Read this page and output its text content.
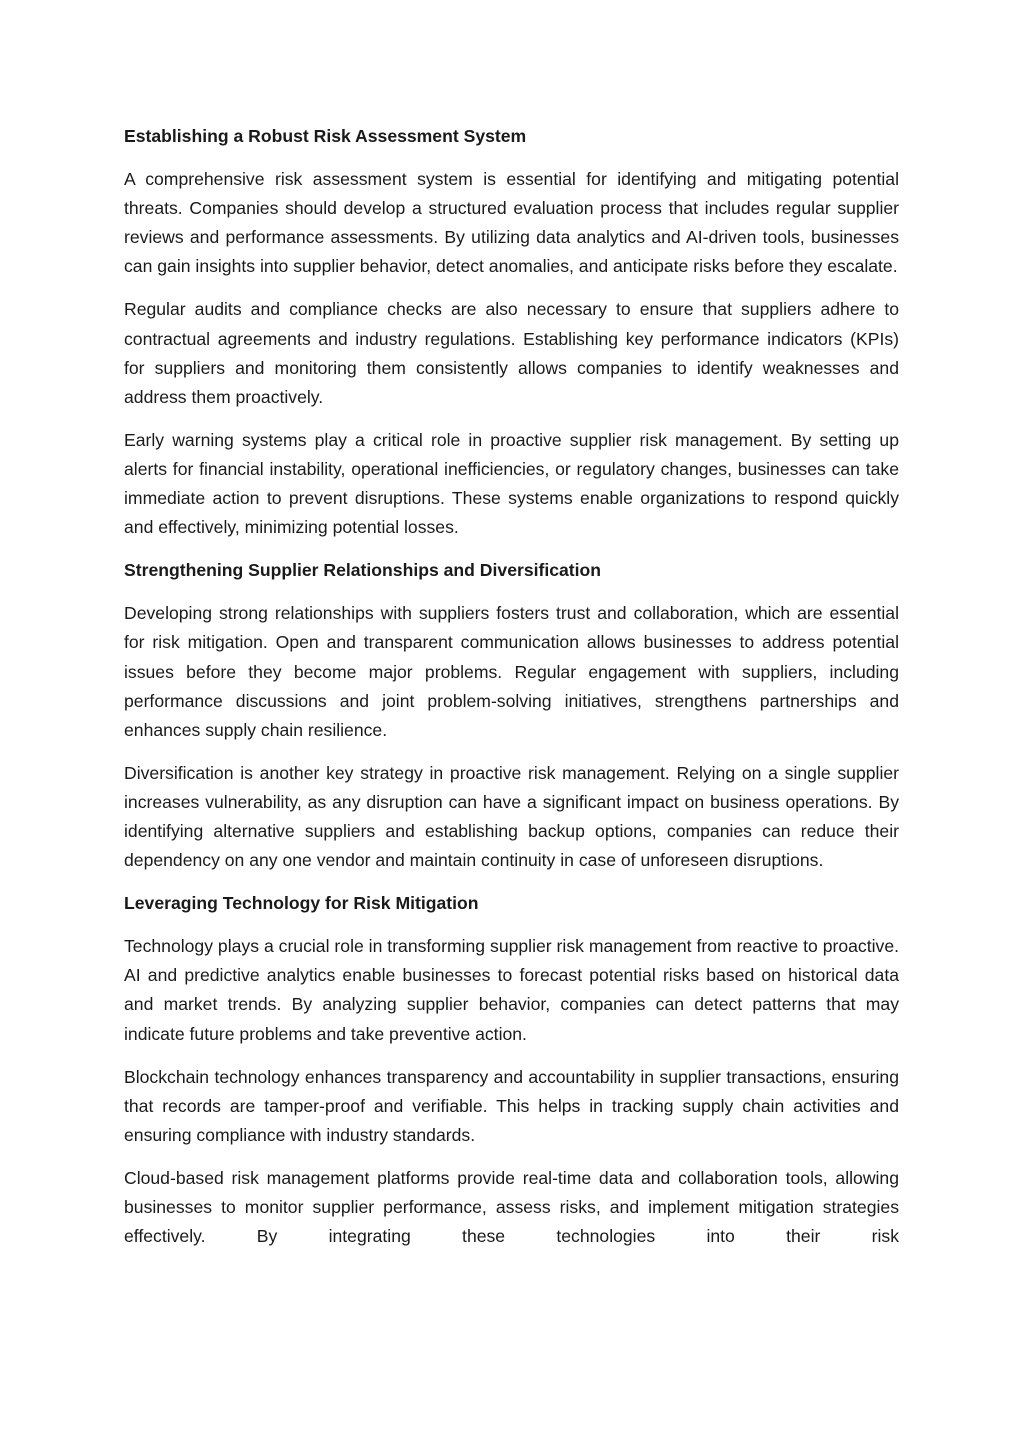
Establishing a Robust Risk Assessment System

A comprehensive risk assessment system is essential for identifying and mitigating potential threats. Companies should develop a structured evaluation process that includes regular supplier reviews and performance assessments. By utilizing data analytics and AI-driven tools, businesses can gain insights into supplier behavior, detect anomalies, and anticipate risks before they escalate.

Regular audits and compliance checks are also necessary to ensure that suppliers adhere to contractual agreements and industry regulations. Establishing key performance indicators (KPIs) for suppliers and monitoring them consistently allows companies to identify weaknesses and address them proactively.

Early warning systems play a critical role in proactive supplier risk management. By setting up alerts for financial instability, operational inefficiencies, or regulatory changes, businesses can take immediate action to prevent disruptions. These systems enable organizations to respond quickly and effectively, minimizing potential losses.

Strengthening Supplier Relationships and Diversification

Developing strong relationships with suppliers fosters trust and collaboration, which are essential for risk mitigation. Open and transparent communication allows businesses to address potential issues before they become major problems. Regular engagement with suppliers, including performance discussions and joint problem-solving initiatives, strengthens partnerships and enhances supply chain resilience.

Diversification is another key strategy in proactive risk management. Relying on a single supplier increases vulnerability, as any disruption can have a significant impact on business operations. By identifying alternative suppliers and establishing backup options, companies can reduce their dependency on any one vendor and maintain continuity in case of unforeseen disruptions.

Leveraging Technology for Risk Mitigation

Technology plays a crucial role in transforming supplier risk management from reactive to proactive. AI and predictive analytics enable businesses to forecast potential risks based on historical data and market trends. By analyzing supplier behavior, companies can detect patterns that may indicate future problems and take preventive action.

Blockchain technology enhances transparency and accountability in supplier transactions, ensuring that records are tamper-proof and verifiable. This helps in tracking supply chain activities and ensuring compliance with industry standards.

Cloud-based risk management platforms provide real-time data and collaboration tools, allowing businesses to monitor supplier performance, assess risks, and implement mitigation strategies effectively. By integrating these technologies into their risk
